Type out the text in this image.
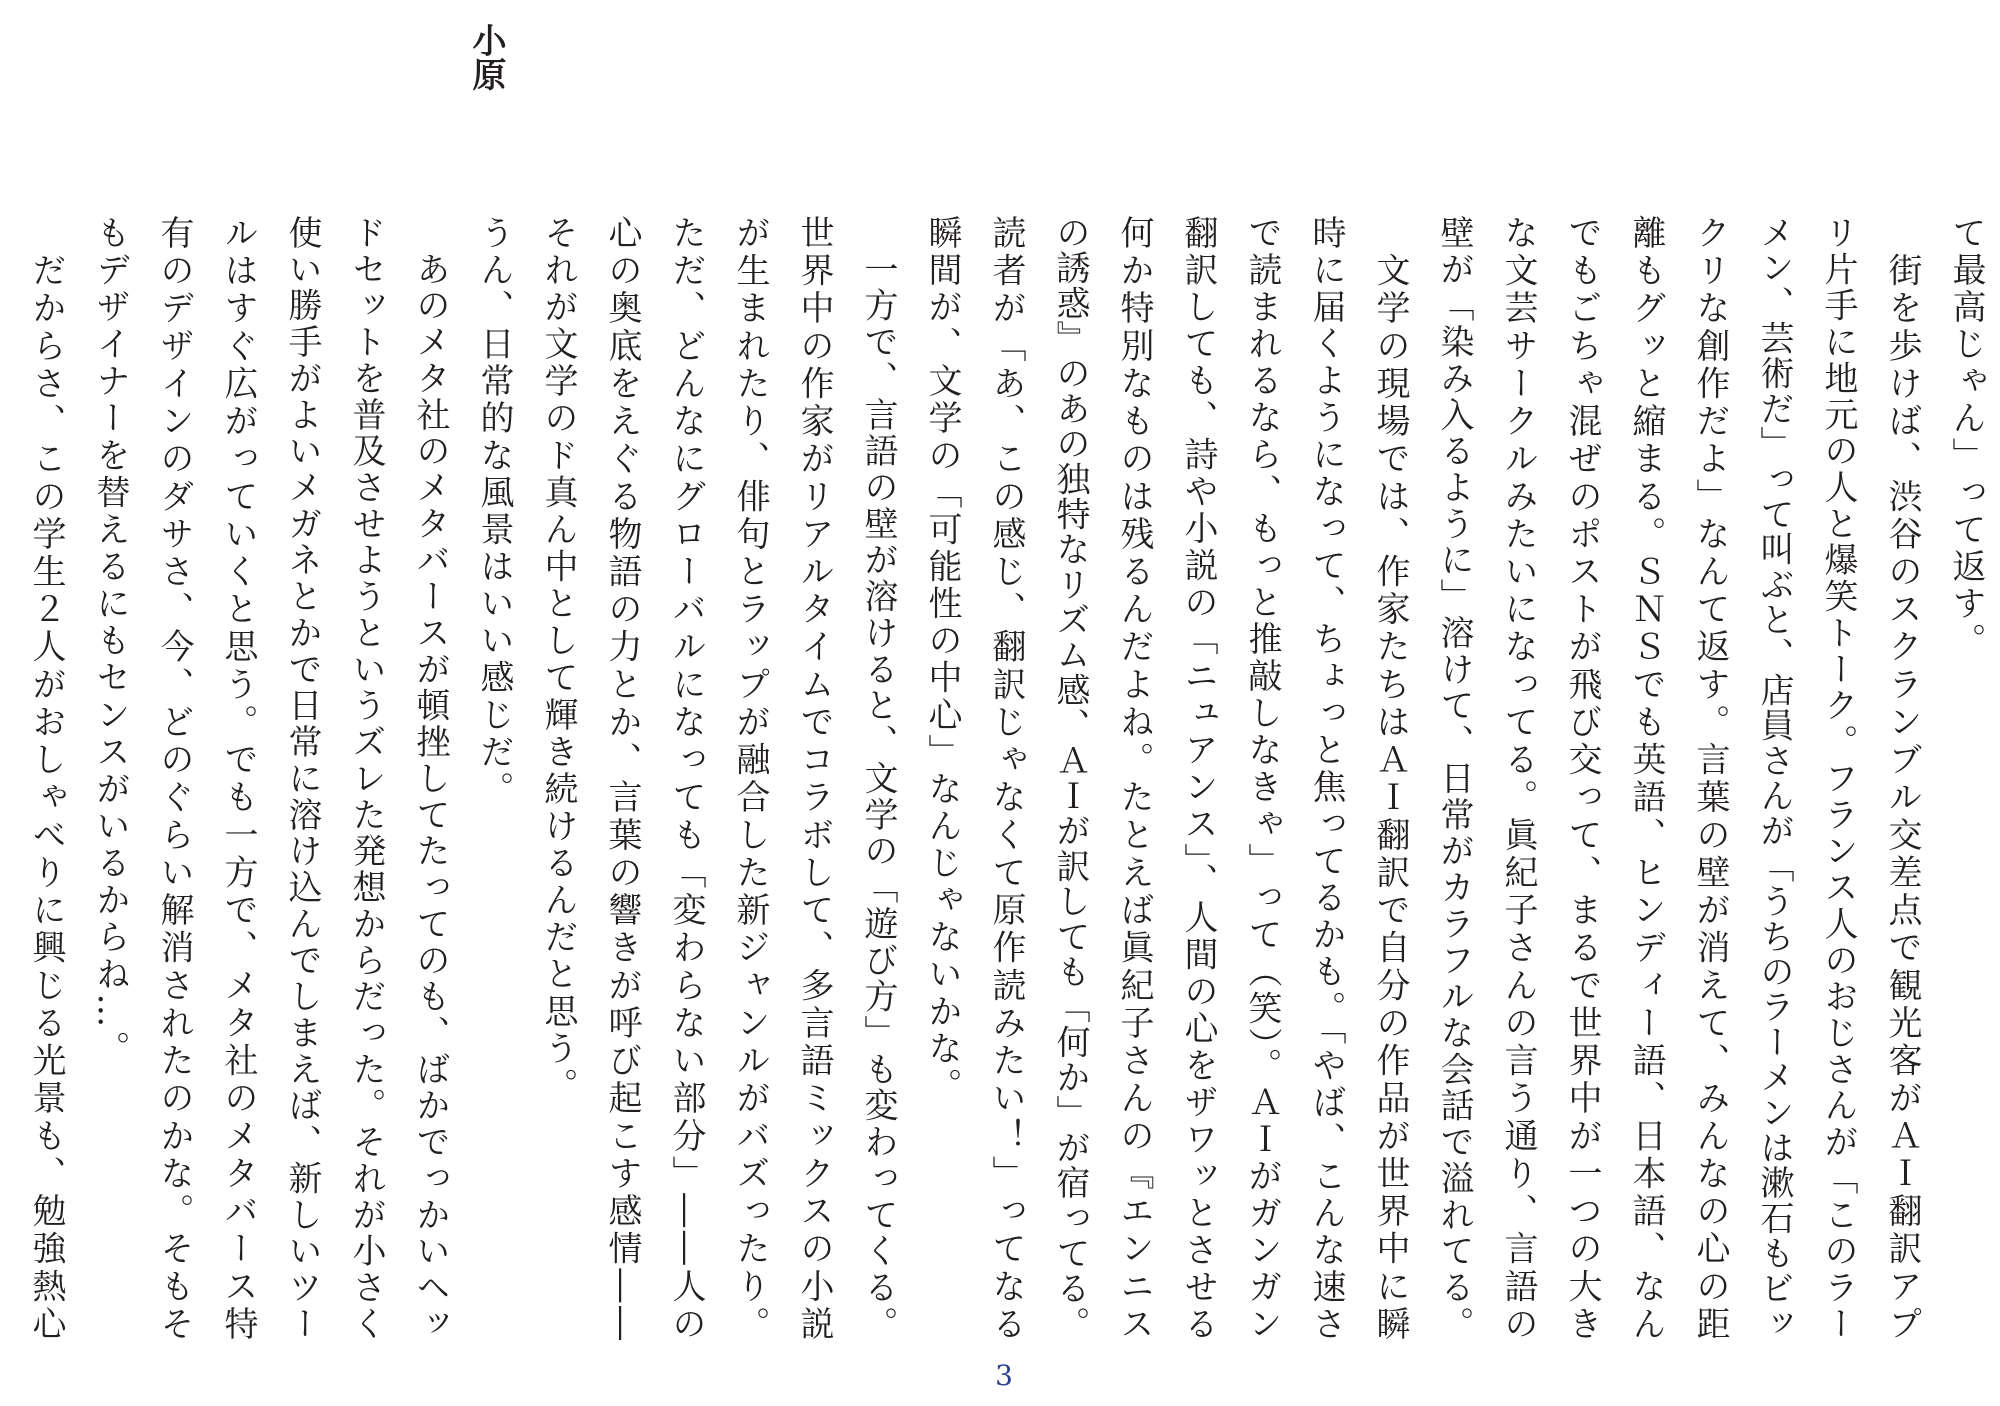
て最高じゃん」って返す。
　街を歩けば、渋谷のスクランブル交差点で観光客がＡＩ翻訳アプ
リ片手に地元の人と爆笑トーク。フランス人のおじさんが「このラー
メン、芸術だ」って叫ぶと、店員さんが「うちのラーメンは漱石もビッ
クリな創作だよ」なんて返す。言葉の壁が消えて、みんなの心の距
離もグッと縮まる。ＳＮＳでも英語、ヒンディー語、日本語、なん
でもごちゃ混ぜのポストが飛び交って、まるで世界中が一つの大き
な文芸サークルみたいになってる。眞紀子さんの言う通り、言語の
壁が「染み入るように」溶けて、日常がカラフルな会話で溢れてる。
　文学の現場では、作家たちはＡＩ翻訳で自分の作品が世界中に瞬
時に届くようになって、ちょっと焦ってるかも。「やば、こんな速さ
で読まれるなら、もっと推敲しなきゃ」って（笑）。ＡＩがガンガン
翻訳しても、詩や小説の「ニュアンス」、人間の心をザワッとさせる
何か特別なものは残るんだよね。たとえば眞紀子さんの『エンニス
の誘惑』のあの独特なリズム感、ＡＩが訳しても「何か」が宿ってる。
読者が「あ、この感じ、翻訳じゃなくて原作読みたい！」ってなる
瞬間が、文学の「可能性の中心」なんじゃないかな。
　一方で、言語の壁が溶けると、文学の「遊び方」も変わってくる。
世界中の作家がリアルタイムでコラボして、多言語ミックスの小説
が生まれたり、俳句とラップが融合した新ジャンルがバズったり。
ただ、どんなにグローバルになっても「変わらない部分」――人の
心の奥底をえぐる物語の力とか、言葉の響きが呼び起こす感情――
それが文学のド真ん中として輝き続けるんだと思う。
小原
うん、日常的な風景はいい感じだ。
　あのメタ社のメタバースが頓挫してたってのも、ばかでっかいヘッ
ドセットを普及させようというズレた発想からだった。それが小さく
使い勝手がよいメガネとかで日常に溶け込んでしまえば、新しいツー
ルはすぐ広がっていくと思う。でも一方で、メタ社のメタバース特
有のデザインのダサさ、今、どのぐらい解消されたのかな。そもそ
もデザイナーを替えるにもセンスがいるからね…。
　だからさ、この学生２人がおしゃべりに興じる光景も、勉強熱心
3
